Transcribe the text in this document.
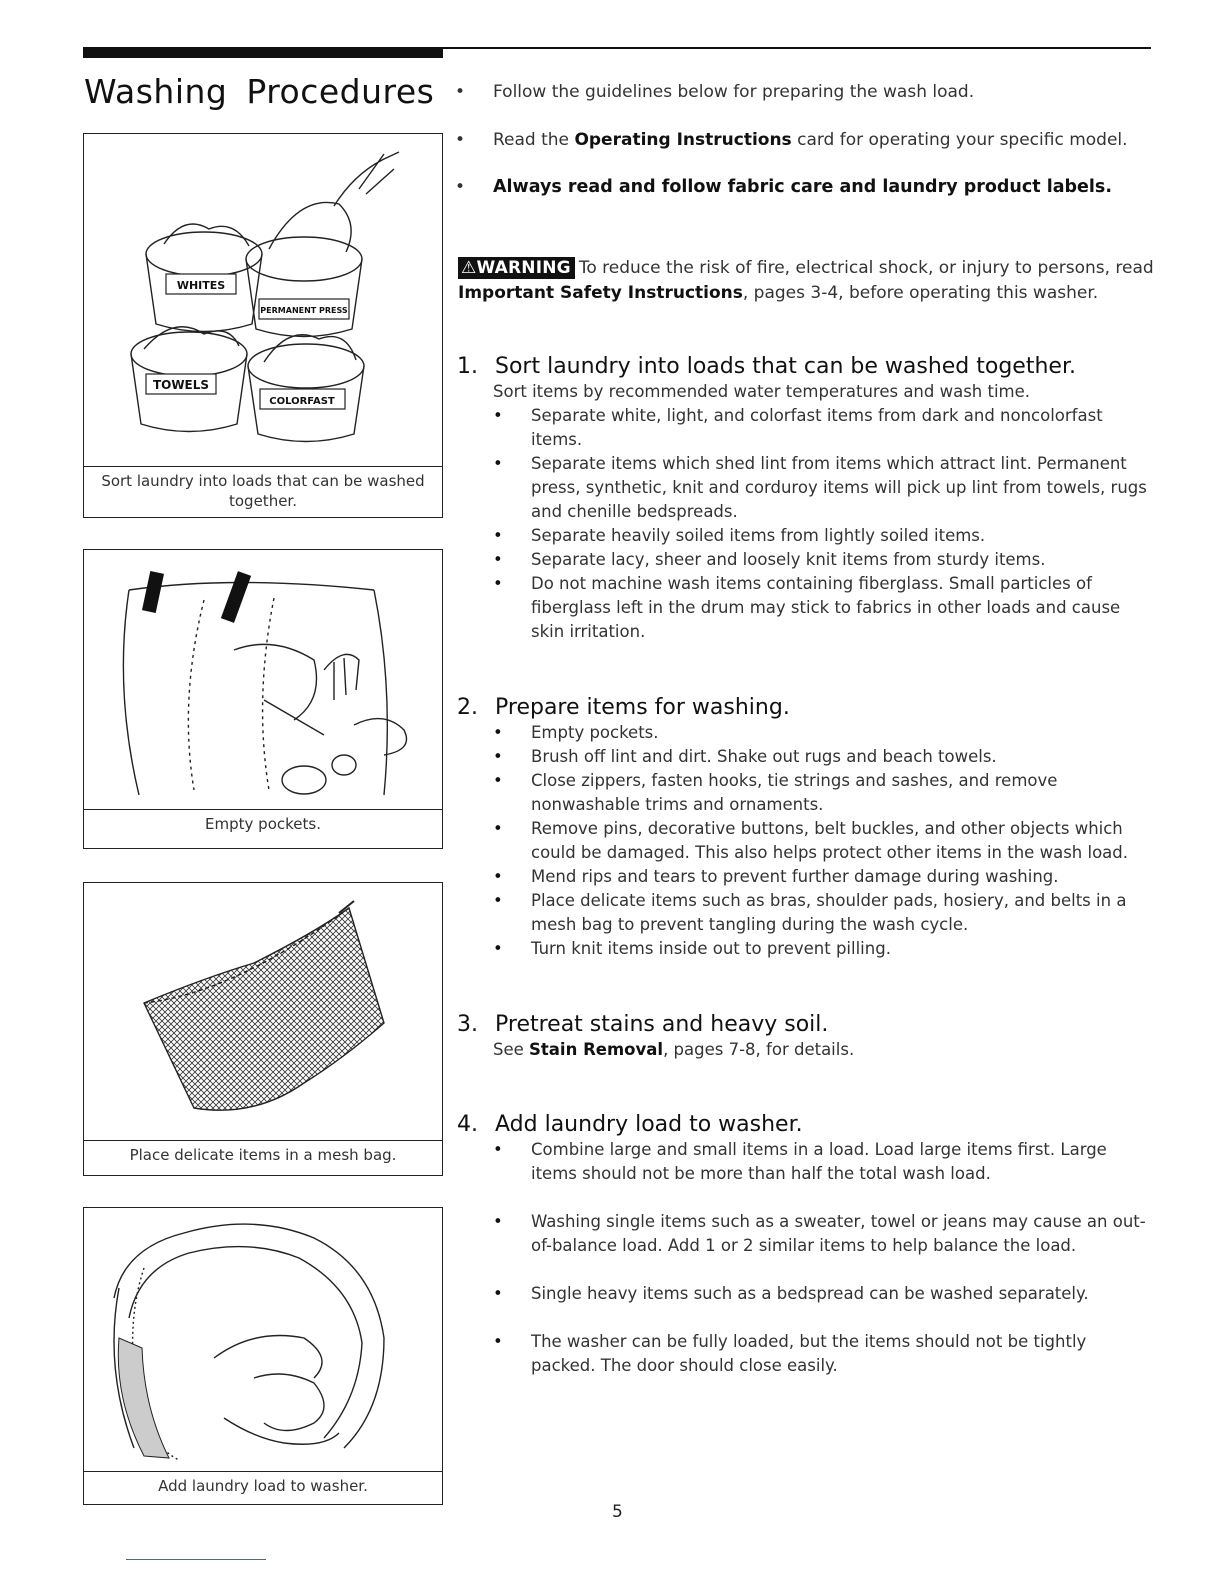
Washing Procedures
WHITES
PERMANENT PRESS
TOWELS
COLORFAST
Sort laundry into loads that can be washed together.
Empty pockets.
Place delicate items in a mesh bag.
Add laundry load to washer.
• Follow the guidelines below for preparing the wash load.
• Read the Operating Instructions card for operating your specific model.
• Always read and follow fabric care and laundry product labels.
⚠WARNING To reduce the risk of fire, electrical shock, or injury to persons, read
Important Safety Instructions, pages 3-4, before operating this washer.
1. Sort laundry into loads that can be washed together.

Sort items by recommended water temperatures and wash time.

• Separate white, light, and colorfast items from dark and noncolorfast items.
• Separate items which shed lint from items which attract lint. Permanent press, synthetic, knit and corduroy items will pick up lint from towels, rugs and chenille bedspreads.
• Separate heavily soiled items from lightly soiled items.
• Separate lacy, sheer and loosely knit items from sturdy items.
• Do not machine wash items containing fiberglass. Small particles of fiberglass left in the drum may stick to fabrics in other loads and cause skin irritation.
2. Prepare items for washing.
• Empty pockets.
• Brush off lint and dirt. Shake out rugs and beach towels.
• Close zippers, fasten hooks, tie strings and sashes, and remove nonwashable trims and ornaments.
• Remove pins, decorative buttons, belt buckles, and other objects which could be damaged. This also helps protect other items in the wash load.
• Mend rips and tears to prevent further damage during washing.
• Place delicate items such as bras, shoulder pads, hosiery, and belts in a mesh bag to prevent tangling during the wash cycle.
• Turn knit items inside out to prevent pilling.
3. Pretreat stains and heavy soil.

See Stain Removal, pages 7-8, for details.

4. Add laundry load to washer.
• Combine large and small items in a load. Load large items first. Large items should not be more than half the total wash load.
• Washing single items such as a sweater, towel or jeans may cause an out-of-balance load. Add 1 or 2 similar items to help balance the load.
• Single heavy items such as a bedspread can be washed separately.
• The washer can be fully loaded, but the items should not be tightly packed. The door should close easily.
5
